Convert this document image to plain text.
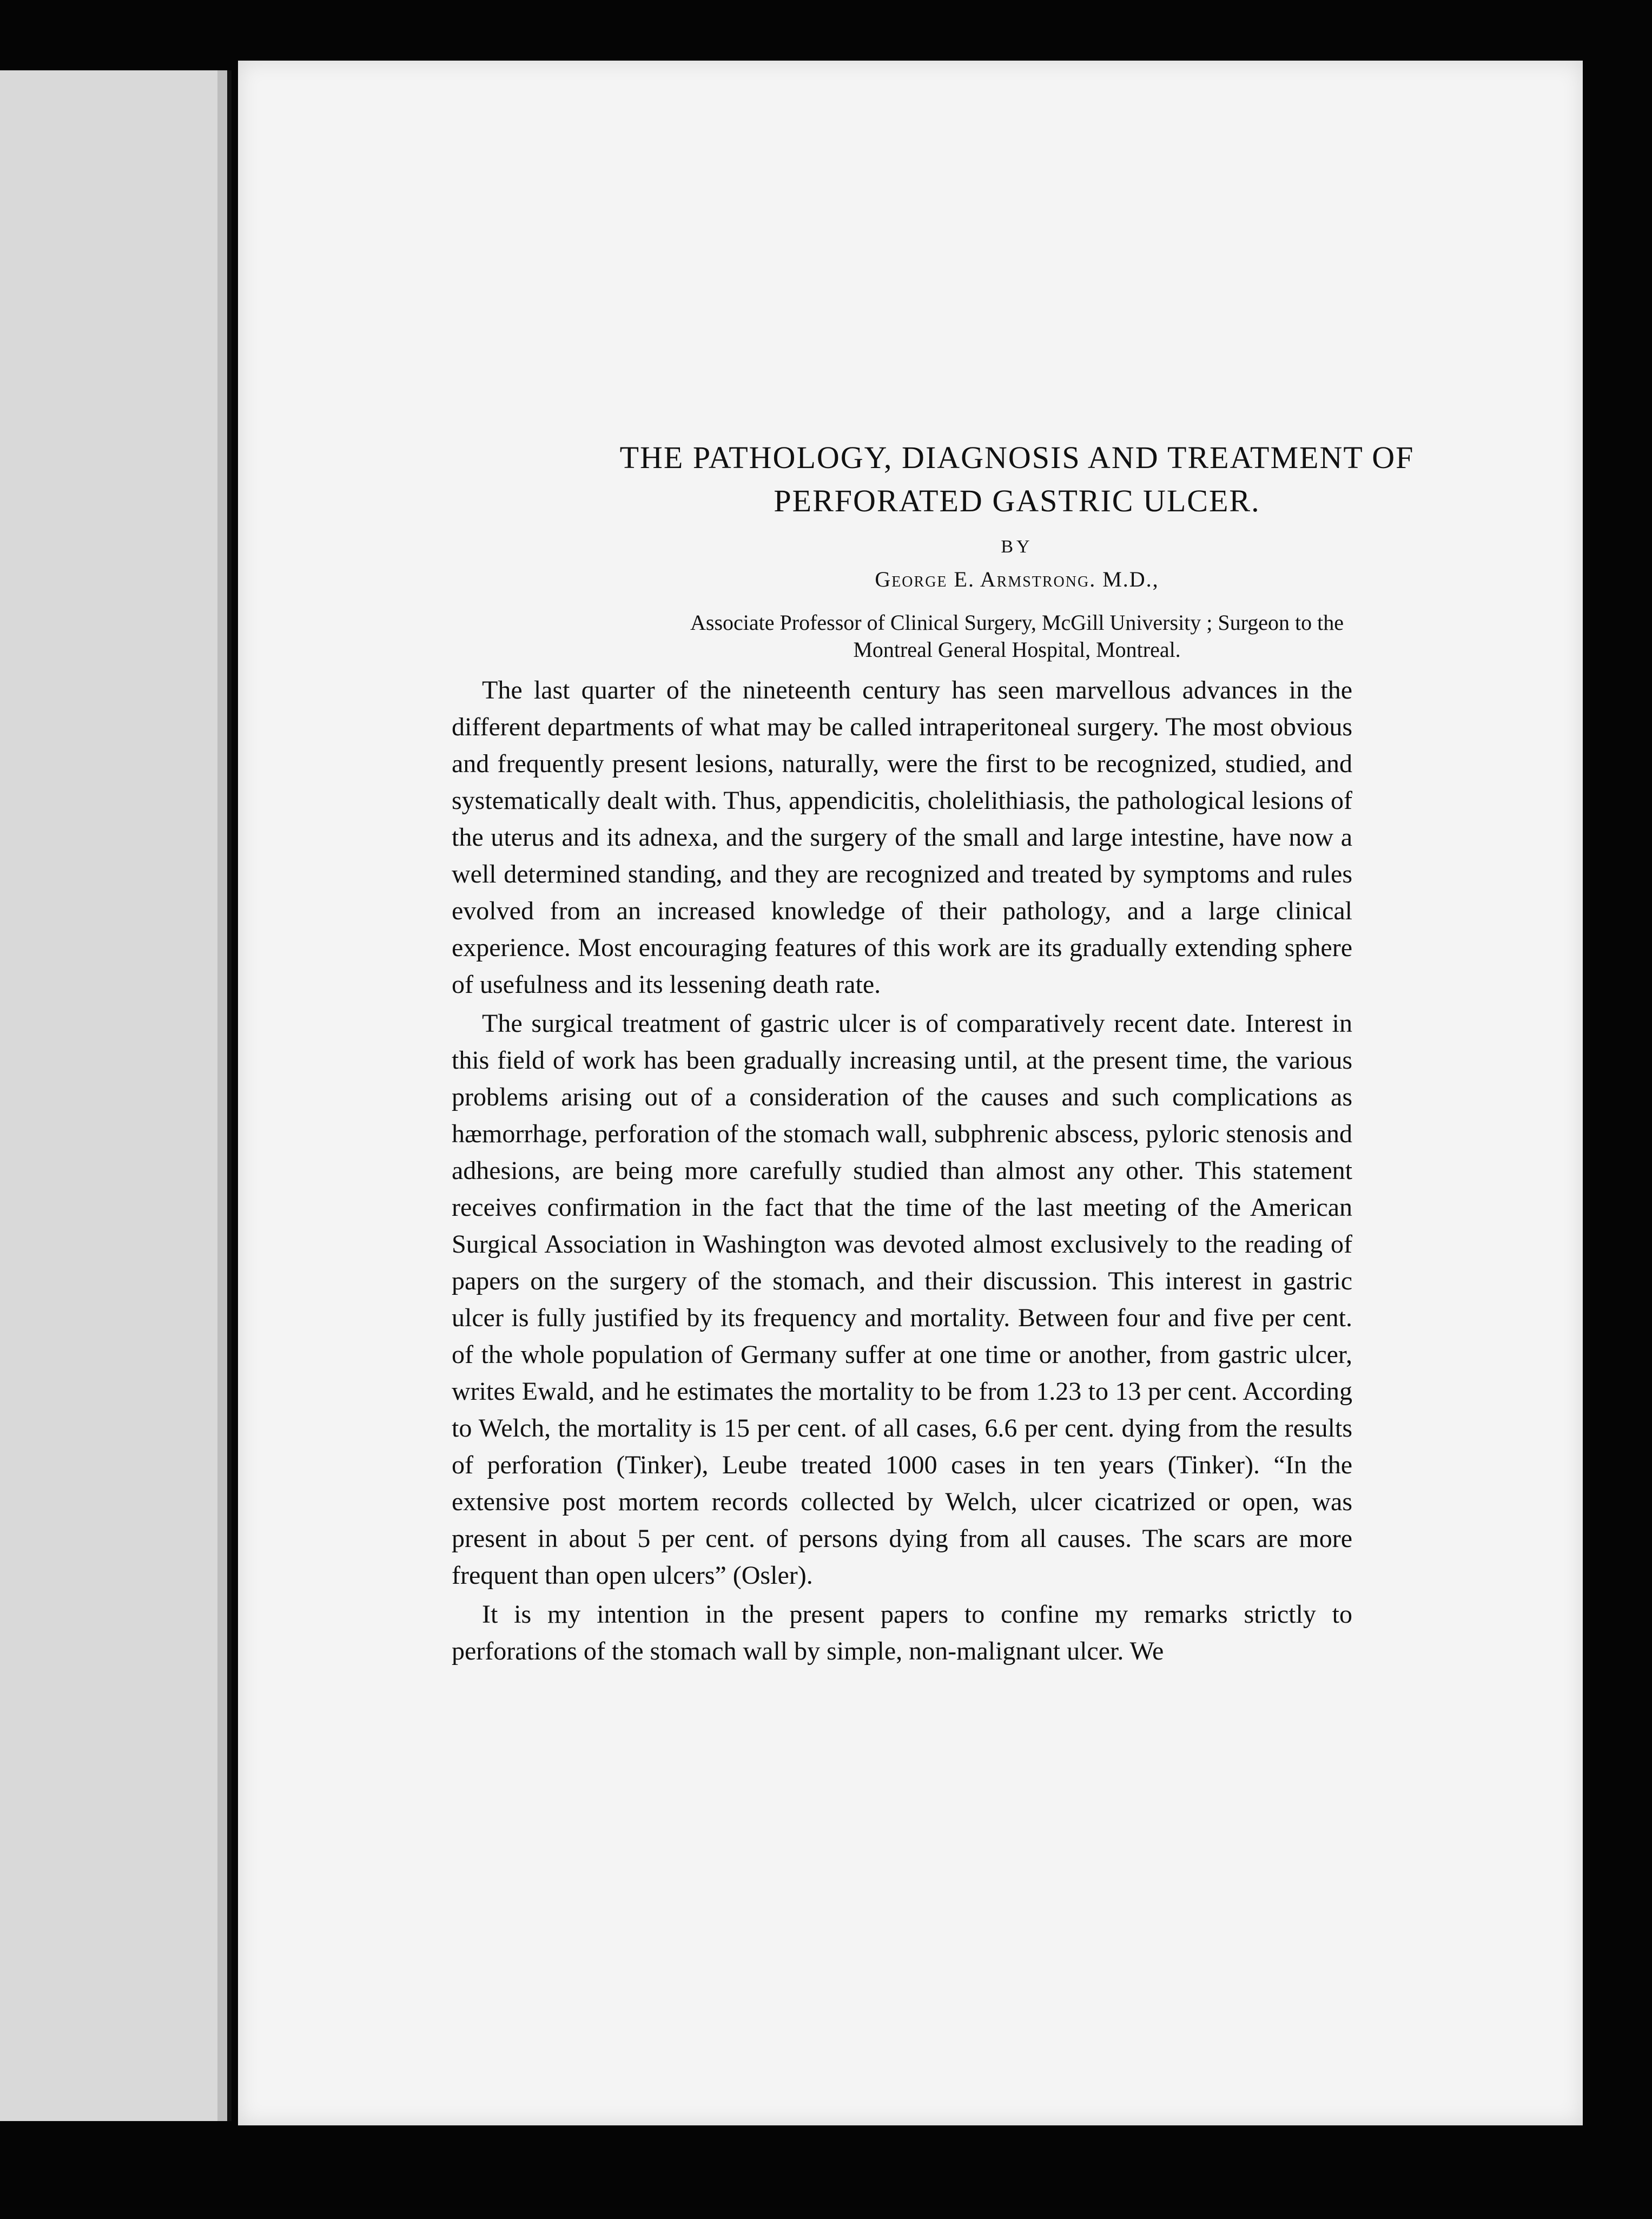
THE PATHOLOGY, DIAGNOSIS AND TREATMENT OF
PERFORATED GASTRIC ULCER.
BY
George E. Armstrong. M.D.,
Associate Professor of Clinical Surgery, McGill University ; Surgeon to the
Montreal General Hospital, Montreal.

The last quarter of the nineteenth century has seen marvellous advances in the different departments of what may be called intraperitoneal surgery. The most obvious and frequently present lesions, naturally, were the first to be recognized, studied, and systematically dealt with. Thus, appendicitis, cholelithiasis, the pathological lesions of the uterus and its adnexa, and the surgery of the small and large intestine, have now a well determined standing, and they are recognized and treated by symptoms and rules evolved from an increased knowledge of their pathology, and a large clinical experience. Most encouraging features of this work are its gradually extending sphere of usefulness and its lessening death rate.

The surgical treatment of gastric ulcer is of comparatively recent date. Interest in this field of work has been gradually increasing until, at the present time, the various problems arising out of a consideration of the causes and such complications as hæmorrhage, perforation of the stomach wall, subphrenic abscess, pyloric stenosis and adhesions, are being more carefully studied than almost any other. This statement receives confirmation in the fact that the time of the last meeting of the American Surgical Association in Washington was devoted almost exclusively to the reading of papers on the surgery of the stomach, and their discussion. This interest in gastric ulcer is fully justified by its frequency and mortality. Between four and five per cent. of the whole population of Germany suffer at one time or another, from gastric ulcer, writes Ewald, and he estimates the mortality to be from 1.23 to 13 per cent. According to Welch, the mortality is 15 per cent. of all cases, 6.6 per cent. dying from the results of perforation (Tinker), Leube treated 1000 cases in ten years (Tinker). “In the extensive post mortem records collected by Welch, ulcer cicatrized or open, was present in about 5 per cent. of persons dying from all causes. The scars are more frequent than open ulcers” (Osler).

It is my intention in the present papers to confine my remarks strictly to perforations of the stomach wall by simple, non-malignant ulcer. We
